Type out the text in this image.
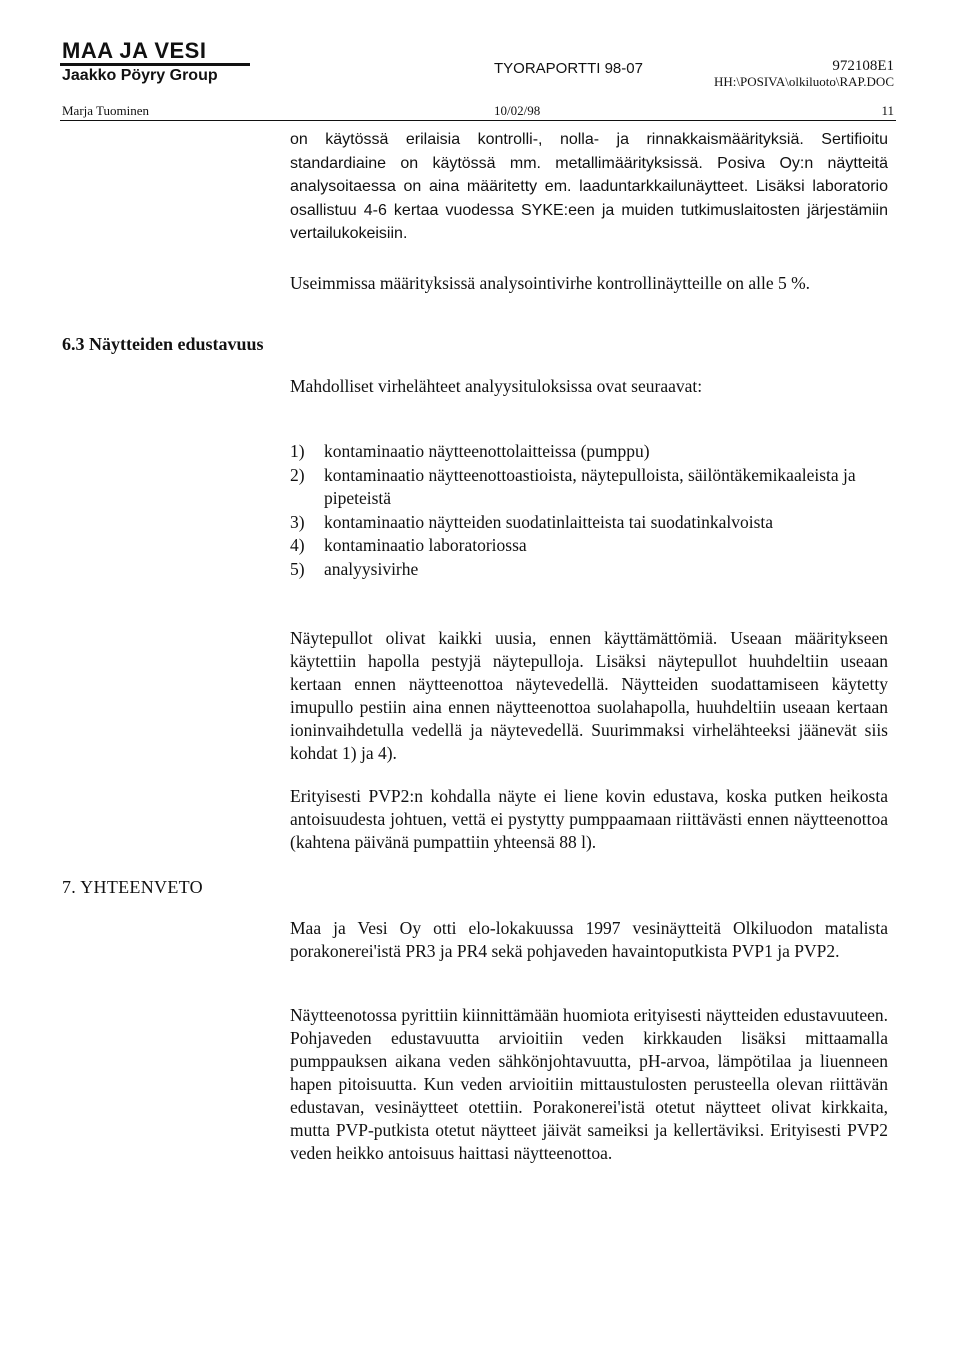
MAA JA VESI
Jaakko Pöyry Group	TYORAPORTTI 98-07	972108E1
HH:\POSIVA\olkiluoto\RAP.DOC
Marja Tuominen	10/02/98	11

on käytössä erilaisia kontrolli-, nolla- ja rinnakkaismäärityksiä. Sertifioitu standardiaine on käytössä mm. metallimäärityksissä. Posiva Oy:n näytteitä analysoitaessa on aina määritetty em. laaduntarkkailunäytteet. Lisäksi laboratorio osallistuu 4-6 kertaa vuodessa SYKE:een ja muiden tutkimuslaitosten järjestämiin vertailukokeisiin.

Useimmissa määrityksissä analysointivirhe kontrollinäytteille on alle 5 %.

6.3 Näytteiden edustavuus

Mahdolliset virhelähteet analyysituloksissa ovat seuraavat:

1) kontaminaatio näytteenottolaitteissa (pumppu)
2) kontaminaatio näytteenottoastioista, näytepulloista, säilöntäkemikaaleista ja pipeteistä
3) kontaminaatio näytteiden suodatinlaitteista tai suodatinkalvoista
4) kontaminaatio laboratoriossa
5) analyysivirhe

Näytepullot olivat kaikki uusia, ennen käyttämättömiä. Useaan määritykseen käytettiin hapolla pestyjä näytepulloja. Lisäksi näytepullot huuhdeltiin useaan kertaan ennen näytteenottoa näytevedellä. Näytteiden suodattamiseen käytetty imupullo pestiin aina ennen näytteenottoa suolahapolla, huuhdeltiin useaan kertaan ioninvaihdetulla vedellä ja näytevedellä. Suurimmaksi virhelähteeksi jäänevät siis kohdat 1) ja 4).

Erityisesti PVP2:n kohdalla näyte ei liene kovin edustava, koska putken heikosta antoisuudesta johtuen, vettä ei pystytty pumppaamaan riittävästi ennen näytteenottoa (kahtena päivänä pumpattiin yhteensä 88 l).

7. YHTEENVETO

Maa ja Vesi Oy otti elo-lokakuussa 1997 vesinäytteitä Olkiluodon matalista porakonerei'istä PR3 ja PR4 sekä pohjaveden havaintoputkista PVP1 ja PVP2.

Näytteenotossa pyrittiin kiinnittämään huomiota erityisesti näytteiden edustavuuteen. Pohjaveden edustavuutta arvioitiin veden kirkkauden lisäksi mittaamalla pumppauksen aikana veden sähkönjohtavuutta, pH-arvoa, lämpötilaa ja liuenneen hapen pitoisuutta. Kun veden arvioitiin mittaustulosten perusteella olevan riittävän edustavan, vesinäytteet otettiin. Porakonerei'istä otetut näytteet olivat kirkkaita, mutta PVP-putkista otetut näytteet jäivät sameiksi ja kellertäviksi. Erityisesti PVP2 veden heikko antoisuus haittasi näytteenottoa.
